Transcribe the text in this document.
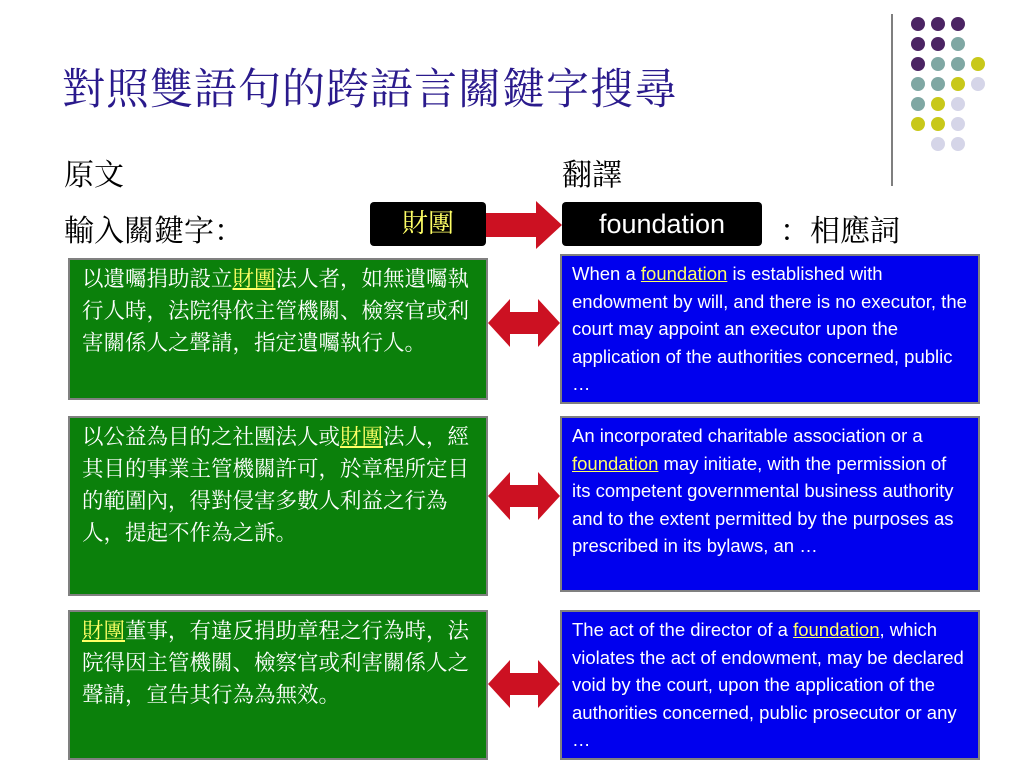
對照雙語句的跨語言關鍵字搜尋
原文	翻譯
輸入關鍵字：	：相應詞
財團	foundation
以遺囑捐助設立財團法人者，如無遺囑執行人時，法院得依主管機關、檢察官或利害關係人之聲請，指定遺囑執行人。
When a foundation is established with endowment by will, and there is no executor, the court may appoint an executor upon the application of the authorities concerned, public …
以公益為目的之社團法人或財團法人，經其目的事業主管機關許可，於章程所定目的範圍內，得對侵害多數人利益之行為人，提起不作為之訴。
An incorporated charitable association or a foundation may initiate, with the permission of its competent governmental business authority and to the extent permitted by the purposes as prescribed in its bylaws, an …
財團董事，有違反捐助章程之行為時，法院得因主管機關、檢察官或利害關係人之聲請，宣告其行為為無效。
The act of the director of a foundation, which violates the act of endowment, may be declared void by the court, upon the application of the authorities concerned, public prosecutor or any …
